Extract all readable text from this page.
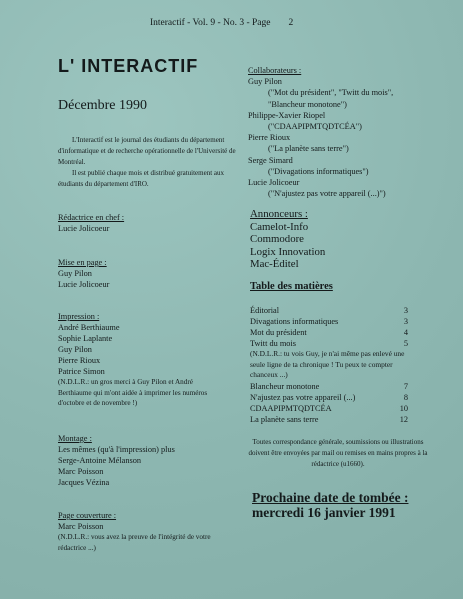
Interactif - Vol. 9 - No. 3 - Page 2
L' INTERACTIF
Décembre 1990

L'Interactif est le journal des étudiants du département d'informatique et de recherche opérationnelle de l'Université de Montréal.

Il est publié chaque mois et distribué gratuitement aux étudiants du département d'IRO.

Rédactrice en chef :
Lucie Jolicoeur
Mise en page :
Guy Pilon
Lucie Jolicoeur
Impression :
André Berthiaume
Sophie Laplante
Guy Pilon
Pierre Rioux
Patrice Simon
(N.D.L.R.: un gros merci à Guy Pilon et André Berthiaume qui m'ont aidée à imprimer les numéros d'octobre et de novembre !)
Montage :
Les mêmes (qu'à l'impression) plus
Serge-Antoine Mélanson
Marc Poisson
Jacques Vézina
Page couverture :
Marc Poisson
(N.D.L.R.: vous avez la preuve de l'intégrité de votre rédactrice ...)
Collaborateurs :
Guy Pilon
("Mot du président", "Twitt du mois",
"Blancheur monotone")
Philippe-Xavier Riopel
("CDAAPIPMTQDTCÉA")
Pierre Rioux
("La planète sans terre")
Serge Simard
("Divagations informatiques")
Lucie Jolicoeur
("N'ajustez pas votre appareil (...)")
Annonceurs :
Camelot-Info
Commodore
Logix Innovation
Mac-Éditel
Table des matières
Éditorial	3
Divagations informatiques	3
Mot du président	4
Twitt du mois	5
(N.D.L.R.: tu vois Guy, je n'ai même pas enlevé une seule ligne de ta chronique ! Tu peux te compter chanceux ...)
Blancheur monotone	7
N'ajustez pas votre appareil (...)	8
CDAAPIPMTQDTCÉA	10
La planète sans terre	12
Toutes correspondance générale, soumissions ou illustrations doivent être envoyées par mail ou remises en mains propres à la rédactrice (u1660).
Prochaine date de tombée :
mercredi 16 janvier 1991
